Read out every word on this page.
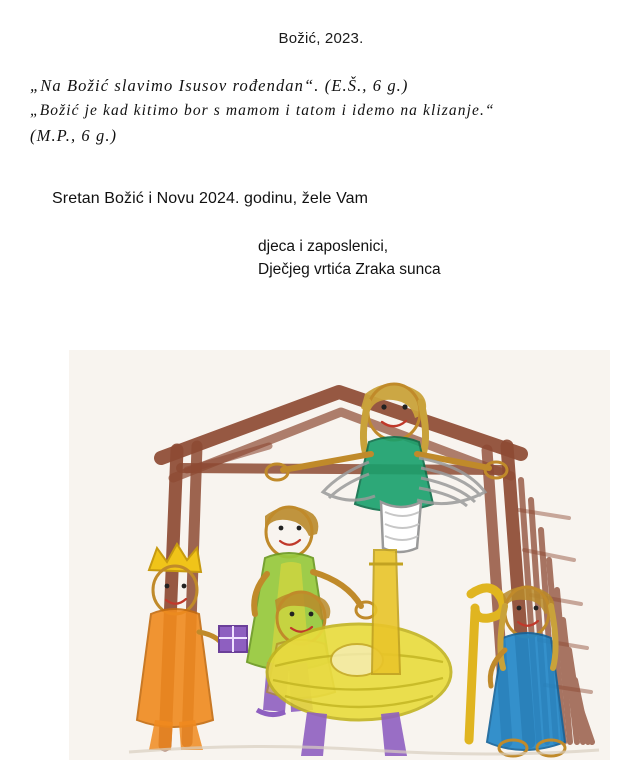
Božić, 2023.
„Na Božić slavimo Isusov rođendan“. (E.Š., 6 g.)
„Božić je kad kitimo bor s mamom i tatom i idemo na klizanje.“
(M.P., 6 g.)
Sretan Božić i Novu 2024. godinu, žele Vam
djeca i zaposlenici,
Dječjeg vrtića Zraka sunca
